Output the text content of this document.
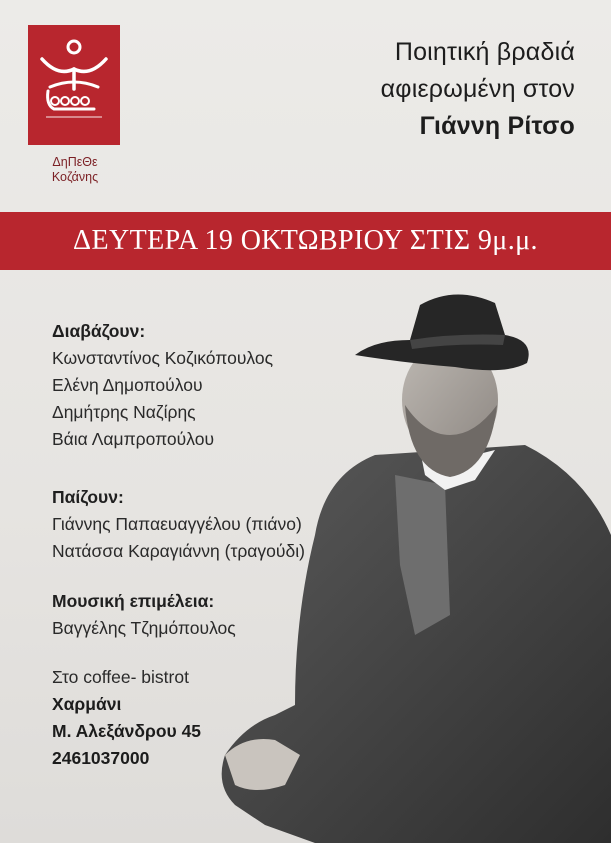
ΔηΠεΘε
Κοζάνης
Ποιητική βραδιά
αφιερωμένη στον
Γιάννη Ρίτσο
ΔΕΥΤΕΡΑ 19 ΟΚΤΩΒΡΙΟΥ ΣΤΙΣ 9μ.μ.
Διαβάζουν:
Κωνσταντίνος Κοζικόπουλος
Ελένη Δημοπούλου
Δημήτρης Ναζίρης
Βάια Λαμπροπούλου
Παίζουν:
Γιάννης Παπαευαγγέλου (πιάνο)
Νατάσσα Καραγιάννη (τραγούδι)
Μουσική επιμέλεια:
Βαγγέλης Τζημόπουλος
Στο coffee- bistrot
Χαρμάνι
Μ. Αλεξάνδρου 45
2461037000
